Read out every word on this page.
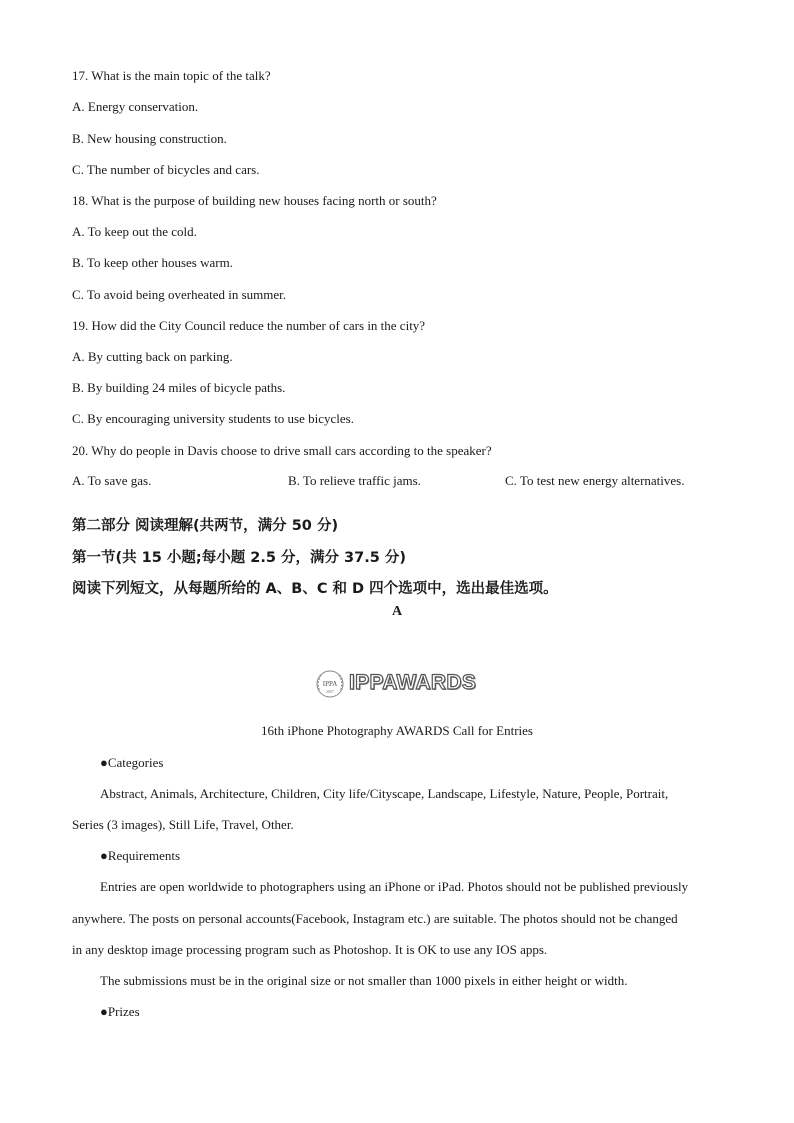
17. What is the main topic of the talk?
A. Energy conservation.
B. New housing construction.
C. The number of bicycles and cars.
18. What is the purpose of building new houses facing north or south?
A. To keep out the cold.
B. To keep other houses warm.
C. To avoid being overheated in summer.
19. How did the City Council reduce the number of cars in the city?
A. By cutting back on parking.
B. By building 24 miles of bicycle paths.
C. By encouraging university students to use bicycles.
20. Why do people in Davis choose to drive small cars according to the speaker?
A. To save gas.	B. To relieve traffic jams.	C. To test new energy alternatives.
第二部分 阅读理解(共两节，满分 50 分)
第一节(共 15 小题;每小题 2.5 分，满分 37.5 分)
阅读下列短文，从每题所给的 A、B、C 和 D 四个选项中，选出最佳选项。
A
IPPA
2007 IPPAWARDS
16th iPhone Photography AWARDS Call for Entries
●Categories
Abstract, Animals, Architecture, Children, City life/Cityscape, Landscape, Lifestyle, Nature, People, Portrait,
Series (3 images), Still Life, Travel, Other.
●Requirements
Entries are open worldwide to photographers using an iPhone or iPad. Photos should not be published previously
anywhere. The posts on personal accounts(Facebook, Instagram etc.) are suitable. The photos should not be changed
in any desktop image processing program such as Photoshop. It is OK to use any IOS apps.
The submissions must be in the original size or not smaller than 1000 pixels in either height or width.
●Prizes
